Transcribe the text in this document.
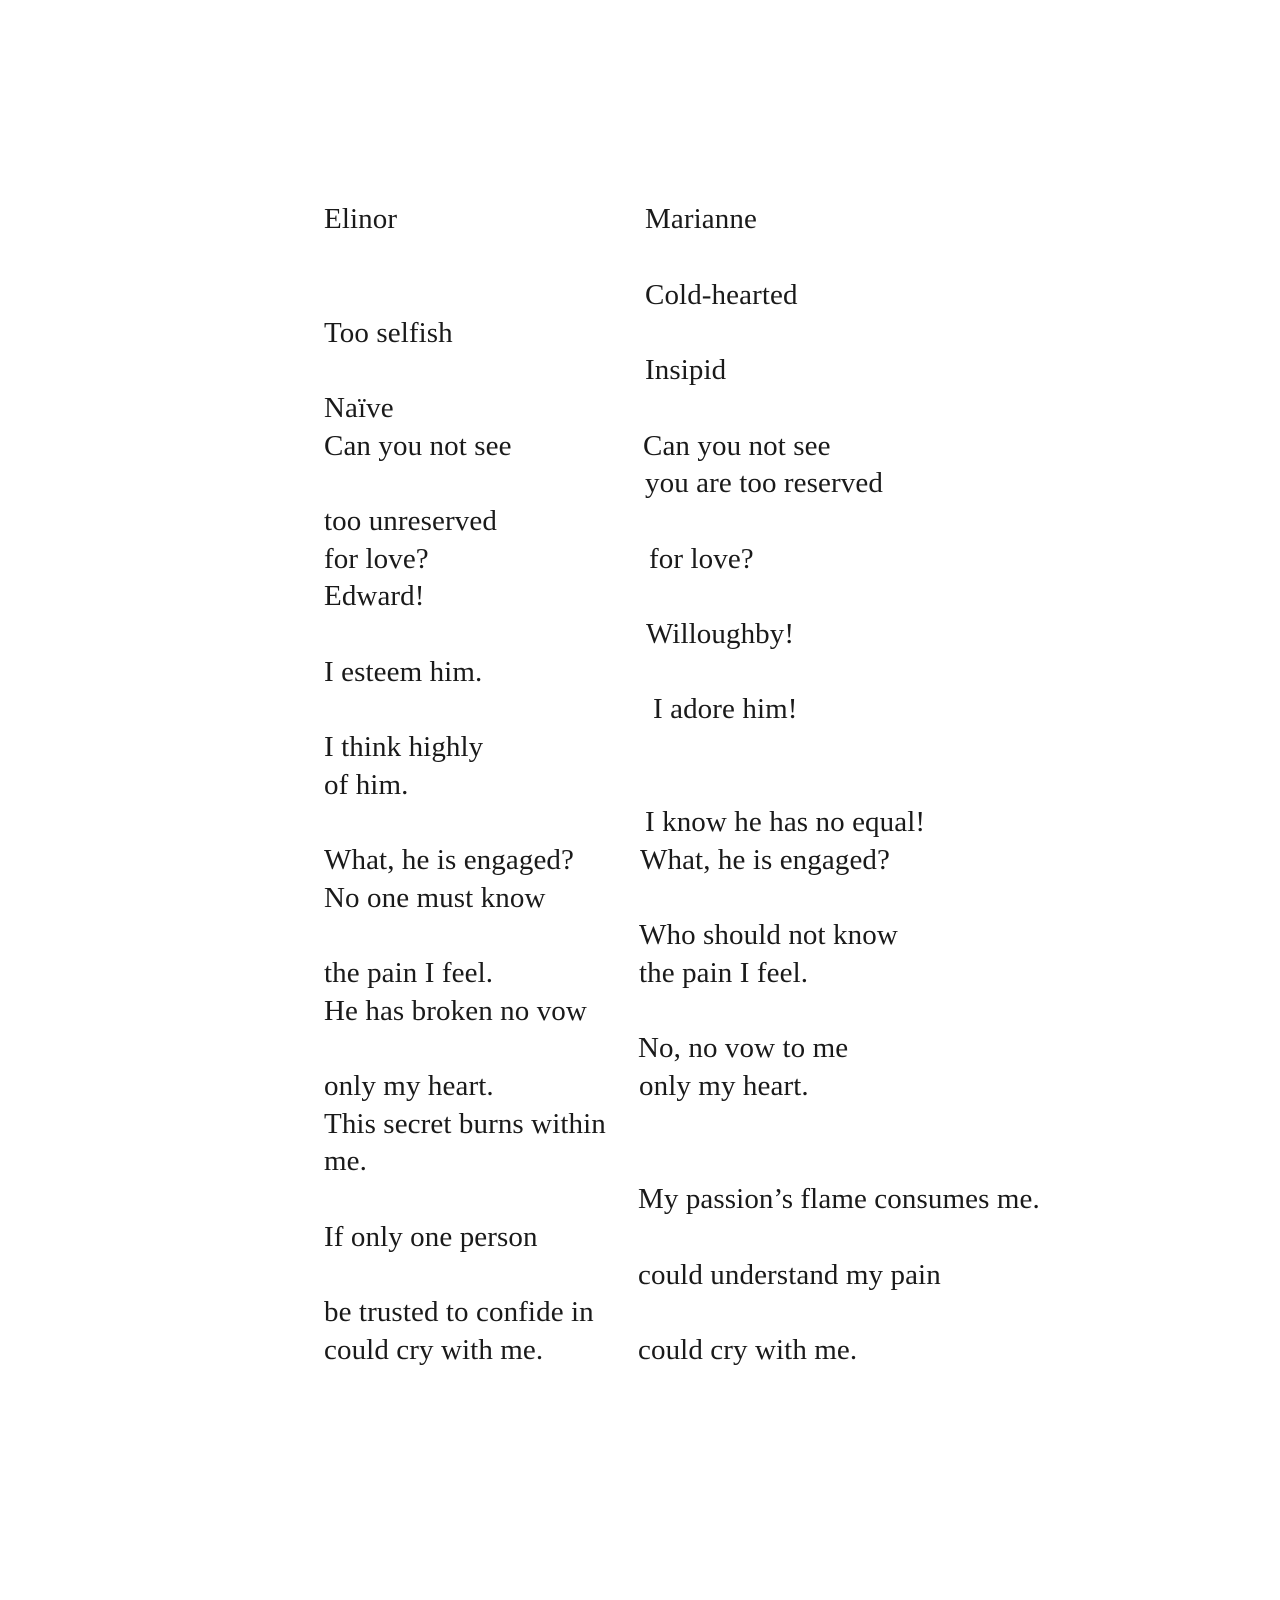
Elinor	Marianne
Too selfish
Naïve
Can you not see
too unreserved
for love?
Edward!
I esteem him.
I think highly
of him.
What, he is engaged?
No one must know
the pain I feel.
He has broken no vow
only my heart.
This secret burns within
me.
If only one person
be trusted to confide in
could cry with me.
Cold-hearted
Insipid
Can you not see
you are too reserved
for love?
Willoughby!
I adore him!
I know he has no equal!
What, he is engaged?
Who should not know
the pain I feel.
No, no vow to me
only my heart.
My passion’s flame consumes me.
could understand my pain
could cry with me.
